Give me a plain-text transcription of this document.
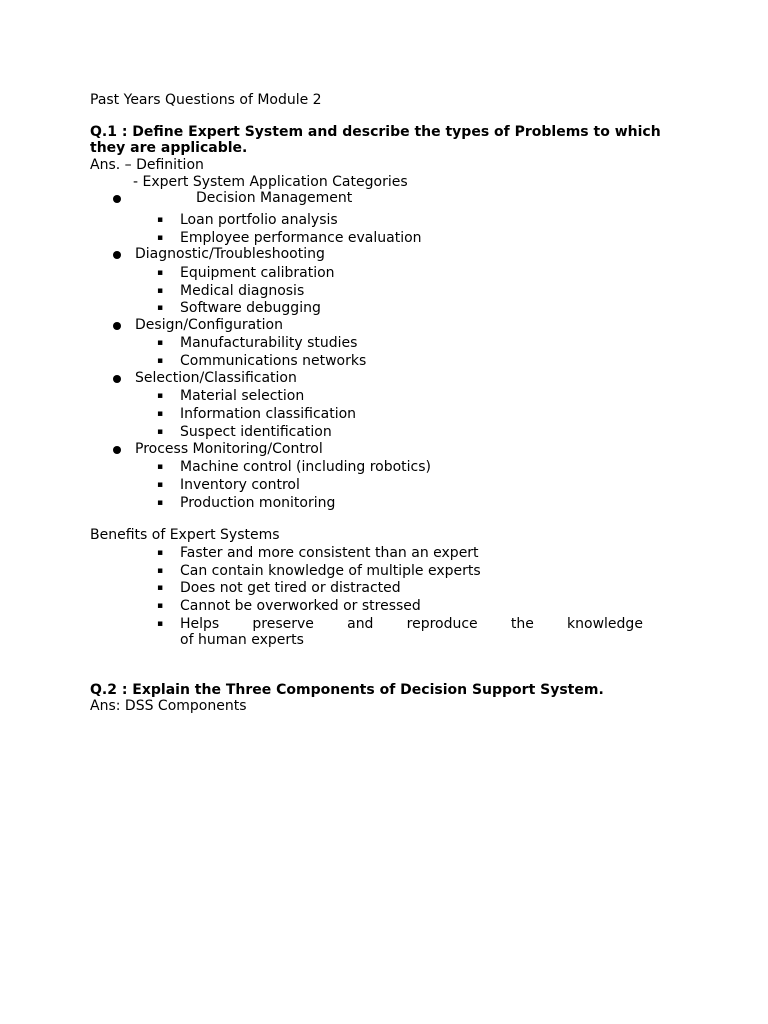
Past Years Questions of Module 2
Q.1 : Define Expert System and describe the types of Problems to which
they are applicable.
Ans. – Definition
- Expert System Application Categories
Decision Management
▪ Loan portfolio analysis
▪ Employee performance evaluation
Diagnostic/Troubleshooting
▪ Equipment calibration
▪ Medical diagnosis
▪ Software debugging
Design/Configuration
▪ Manufacturability studies
▪ Communications networks
Selection/Classification
▪ Material selection
▪ Information classification
▪ Suspect identification
Process Monitoring/Control
▪ Machine control (including robotics)
▪ Inventory control
▪ Production monitoring
Benefits of Expert Systems
▪ Faster and more consistent than an expert
▪ Can contain knowledge of multiple experts
▪ Does not get tired or distracted
▪ Cannot be overworked or stressed
▪ Helps preserve and reproduce the knowledge
of human experts
Q.2 : Explain the Three Components of Decision Support System.
Ans: DSS Components
